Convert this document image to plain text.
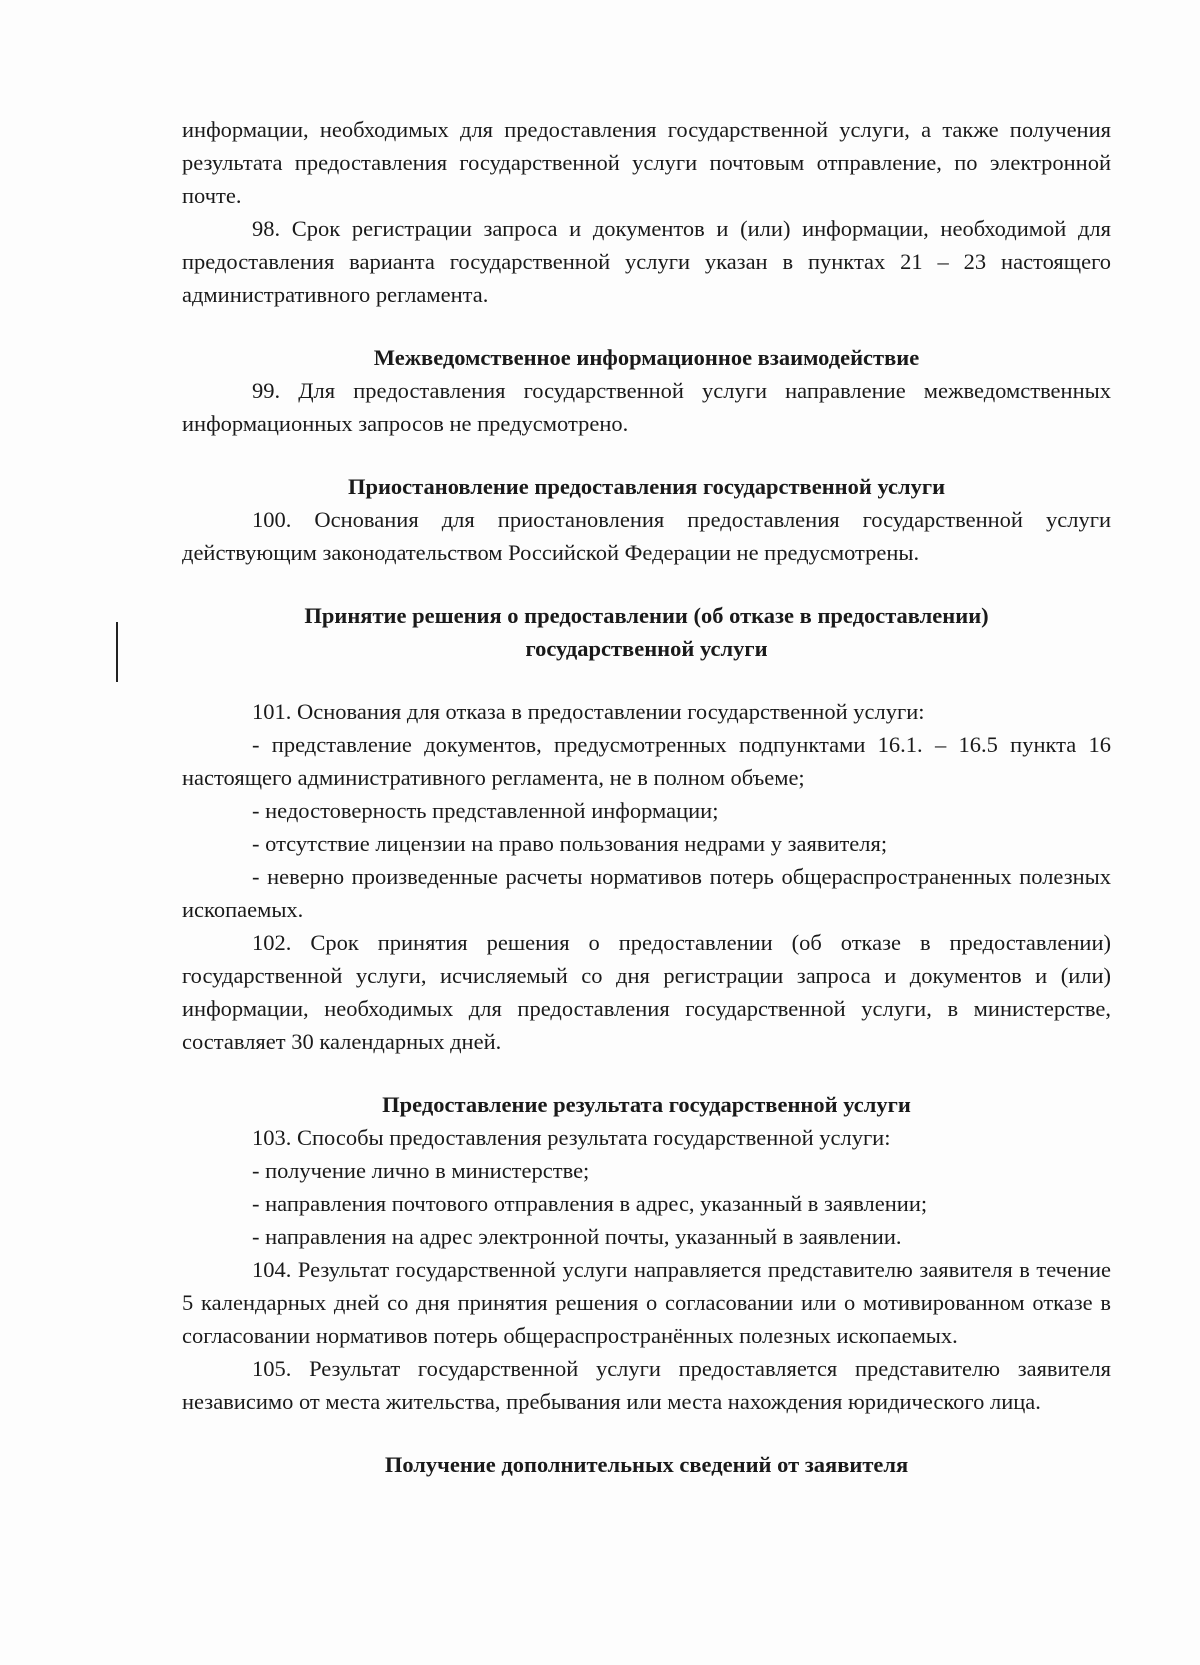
информации, необходимых для предоставления государственной услуги, а также получения результата предоставления государственной услуги почтовым отправление, по электронной почте.

98. Срок регистрации запроса и документов и (или) информации, необходимой для предоставления варианта государственной услуги указан в пунктах 21 – 23 настоящего административного регламента.

Межведомственное информационное взаимодействие

99. Для предоставления государственной услуги направление межведомственных информационных запросов не предусмотрено.

Приостановление предоставления государственной услуги

100. Основания для приостановления предоставления государственной услуги действующим законодательством Российской Федерации не предусмотрены.

Принятие решения о предоставлении (об отказе в предоставлении)

государственной услуги

101. Основания для отказа в предоставлении государственной услуги:

- представление документов, предусмотренных подпунктами 16.1. – 16.5 пункта 16 настоящего административного регламента, не в полном объеме;

- недостоверность представленной информации;

- отсутствие лицензии на право пользования недрами у заявителя;

- неверно произведенные расчеты нормативов потерь общераспространенных полезных ископаемых.

102. Срок принятия решения о предоставлении (об отказе в предоставлении) государственной услуги, исчисляемый со дня регистрации запроса и документов и (или) информации, необходимых для предоставления государственной услуги, в министерстве, составляет 30 календарных дней.

Предоставление результата государственной услуги

103. Способы предоставления результата государственной услуги:

- получение лично в министерстве;

- направления почтового отправления в адрес, указанный в заявлении;

- направления на адрес электронной почты, указанный в заявлении.

104. Результат государственной услуги направляется представителю заявителя в течение 5 календарных дней со дня принятия решения о согласовании или о мотивированном отказе в согласовании нормативов потерь общераспространённых полезных ископаемых.

105. Результат государственной услуги предоставляется представителю заявителя независимо от места жительства, пребывания или места нахождения юридического лица.

Получение дополнительных сведений от заявителя
